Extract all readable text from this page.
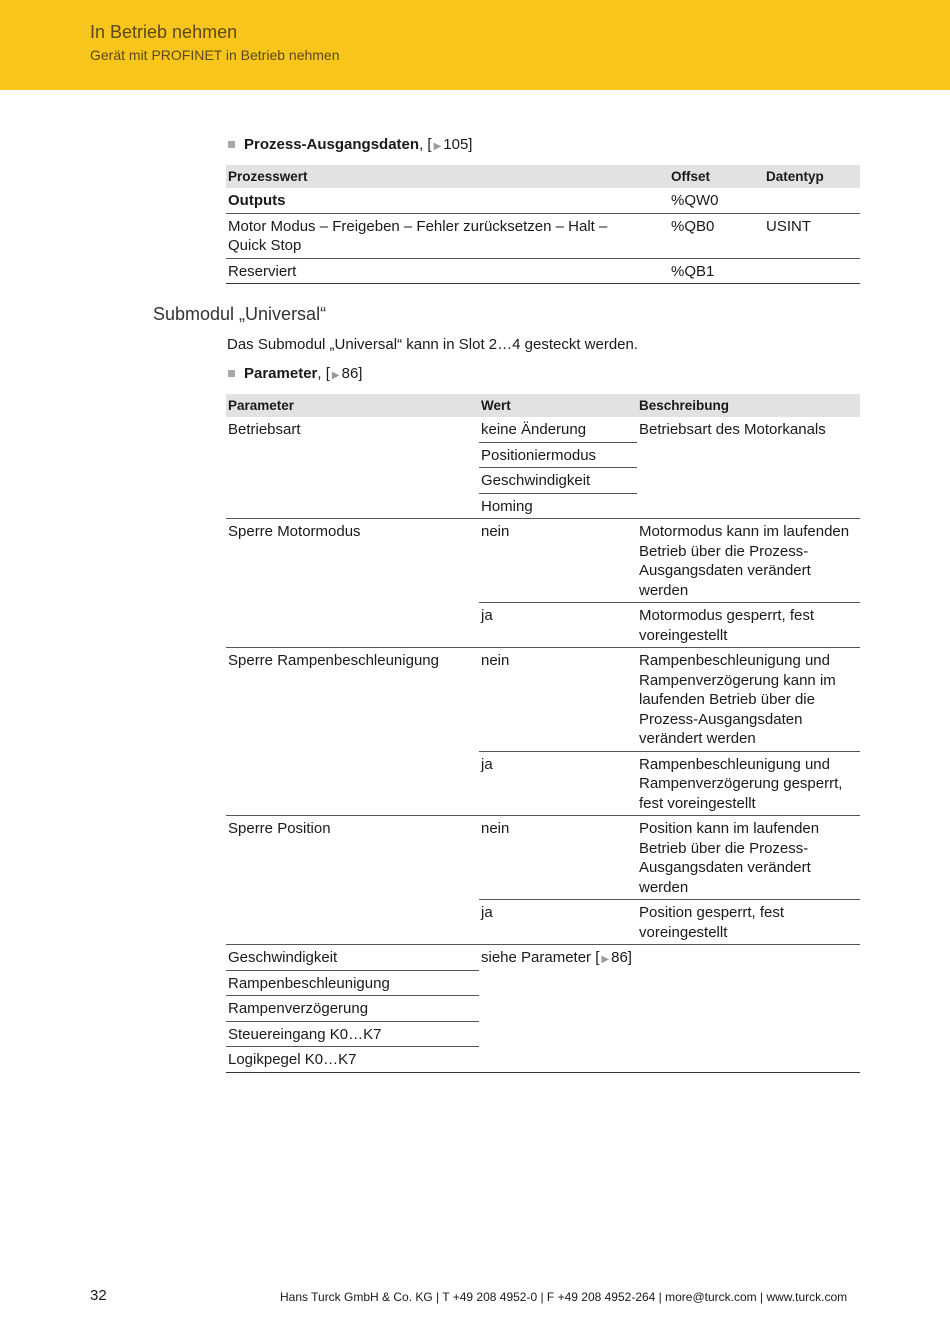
In Betrieb nehmen
Gerät mit PROFINET in Betrieb nehmen
Prozess-Ausgangsdaten , [ ▶ 105]
Prozesswert	Offset	Datentyp
Outputs	%QW0	
Motor Modus – Freigeben – Fehler zurücksetzen – Halt – Quick Stop	%QB0	USINT
Reserviert	%QB1	
Submodul „Universal“
Das Submodul „Universal“ kann in Slot 2…4 gesteckt werden.
Parameter , [ ▶ 86]
Parameter	Wert	Beschreibung
Betriebsart	keine Änderung	Betriebsart des Motorkanals
	Positioniermodus	
	Geschwindigkeit	
	Homing	
Sperre Motormodus	nein	Motormodus kann im laufenden Betrieb über die Prozess-Ausgangsdaten verändert werden
	ja	Motormodus gesperrt, fest voreingestellt
Sperre Rampenbeschleunigung	nein	Rampenbeschleunigung und Rampenverzögerung kann im laufenden Betrieb über die Prozess-Ausgangsdaten verändert werden
	ja	Rampenbeschleunigung und Rampenverzögerung gesperrt, fest voreingestellt
Sperre Position	nein	Position kann im laufenden Betrieb über die Prozess-Ausgangsdaten verändert werden
	ja	Position gesperrt, fest voreingestellt
Geschwindigkeit	siehe Parameter [ ▶ 86]	
Rampenbeschleunigung		
Rampenverzögerung		
Steuereingang K0…K7		
Logikpegel K0…K7		
32	Hans Turck GmbH & Co. KG | T +49 208 4952-0 | F +49 208 4952-264 | more@turck.com | www.turck.com
